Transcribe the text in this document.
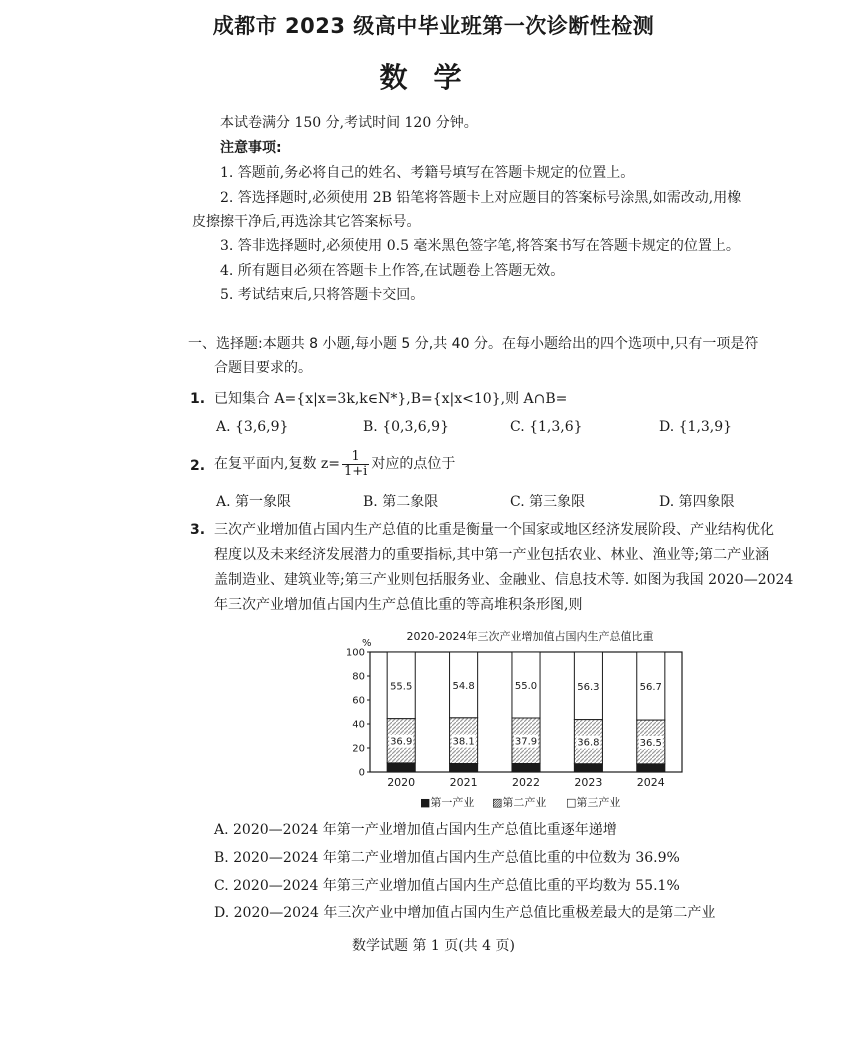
成都市 2023 级高中毕业班第一次诊断性检测
数学
本试卷满分 150 分,考试时间 120 分钟。
注意事项:
1. 答题前,务必将自己的姓名、考籍号填写在答题卡规定的位置上。
2. 答选择题时,必须使用 2B 铅笔将答题卡上对应题目的答案标号涂黑,如需改动,用橡
皮擦擦干净后,再选涂其它答案标号。
3. 答非选择题时,必须使用 0.5 毫米黑色签字笔,将答案书写在答题卡规定的位置上。
4. 所有题目必须在答题卡上作答,在试题卷上答题无效。
5. 考试结束后,只将答题卡交回。
一、选择题:本题共 8 小题,每小题 5 分,共 40 分。在每小题给出的四个选项中,只有一项是符
合题目要求的。
1. 已知集合 A={x|x=3k,k∈N*},B={x|x<10},则 A∩B=
A. {3,6,9}	B. {0,3,6,9}	C. {1,3,6}	D. {1,3,9}
2. 在复平面内,复数 $z= \frac{1}{1+i}$ 对应的点位于
A. 第一象限	B. 第二象限	C. 第三象限	D. 第四象限
3. 三次产业增加值占国内生产总值的比重是衡量一个国家或地区经济发展阶段、产业结构优化
程度以及未来经济发展潜力的重要指标,其中第一产业包括农业、林业、渔业等;第二产业涵
盖制造业、建筑业等;第三产业则包括服务业、金融业、信息技术等. 如图为我国 2020—2024
年三次产业增加值占国内生产总值比重的等高堆积条形图,则
2020-2024年三次产业增加值占国内生产总值比重
%
0
20
40
60
80
100
36.9
55.5
2020
38.1
54.8
2021
37.9
55.0
2022
36.8
56.3
2023
36.5
56.7
2024
■第一产业 ▨第二产业 □第三产业
A. 2020—2024 年第一产业增加值占国内生产总值比重逐年递增
B. 2020—2024 年第二产业增加值占国内生产总值比重的中位数为 36.9%
C. 2020—2024 年第三产业增加值占国内生产总值比重的平均数为 55.1%
D. 2020—2024 年三次产业中增加值占国内生产总值比重极差最大的是第二产业
数学试题 第 1 页(共 4 页)
